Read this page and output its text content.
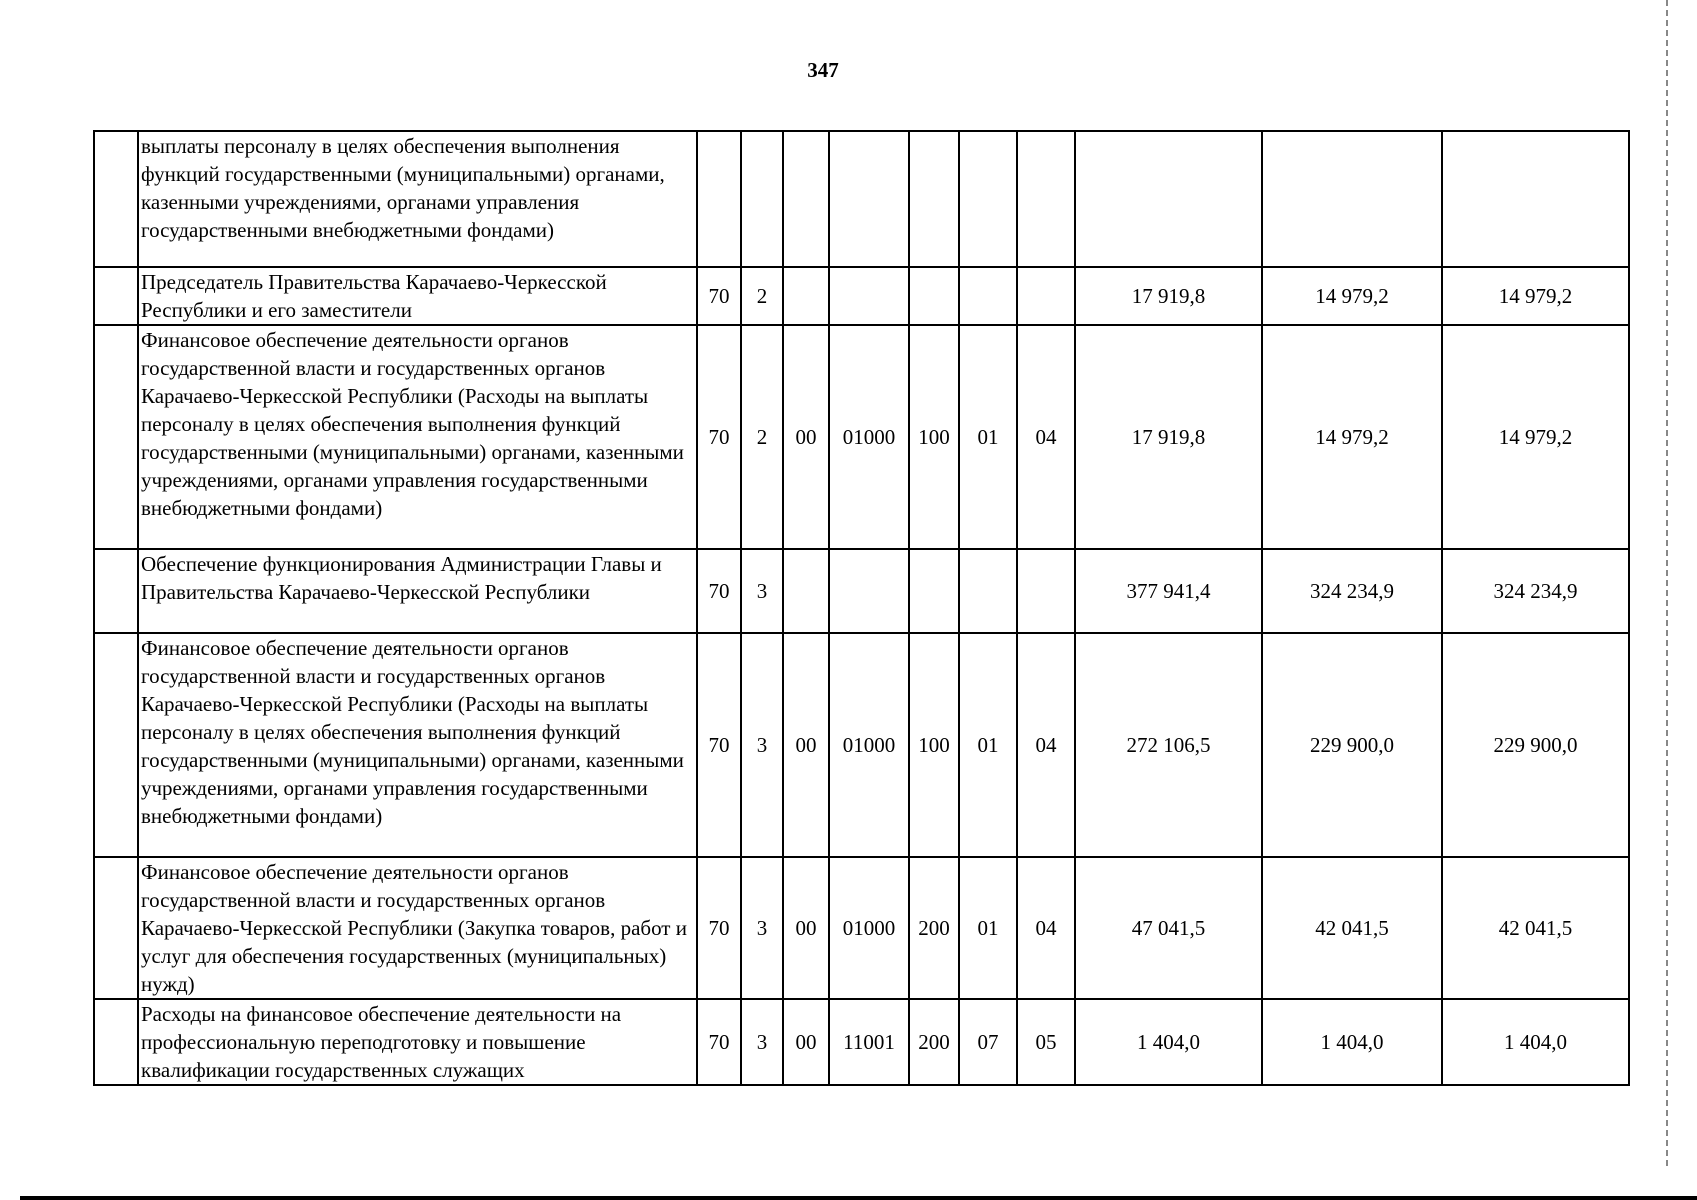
347
	выплаты персоналу в целях обеспечения выполнения функций государственными (муниципальными) органами, казенными учреждениями, органами управления государственными внебюджетными фондами)										
	Председатель Правительства Карачаево-Черкесской Республики и его заместители	70	2						17 919,8	14 979,2	14 979,2
	Финансовое обеспечение деятельности органов государственной власти и государственных органов Карачаево-Черкесской Республики (Расходы на выплаты персоналу в целях обеспечения выполнения функций государственными (муниципальными) органами, казенными учреждениями, органами управления государственными внебюджетными фондами)	70	2	00	01000	100	01	04	17 919,8	14 979,2	14 979,2
	Обеспечение функционирования Администрации Главы и Правительства Карачаево-Черкесской Республики	70	3						377 941,4	324 234,9	324 234,9
	Финансовое обеспечение деятельности органов государственной власти и государственных органов Карачаево-Черкесской Республики (Расходы на выплаты персоналу в целях обеспечения выполнения функций государственными (муниципальными) органами, казенными учреждениями, органами управления государственными внебюджетными фондами)	70	3	00	01000	100	01	04	272 106,5	229 900,0	229 900,0
	Финансовое обеспечение деятельности органов государственной власти и государственных органов Карачаево-Черкесской Республики (Закупка товаров, работ и услуг для обеспечения государственных (муниципальных) нужд)	70	3	00	01000	200	01	04	47 041,5	42 041,5	42 041,5
	Расходы на финансовое обеспечение деятельности на профессиональную переподготовку и повышение квалификации государственных служащих	70	3	00	11001	200	07	05	1 404,0	1 404,0	1 404,0
